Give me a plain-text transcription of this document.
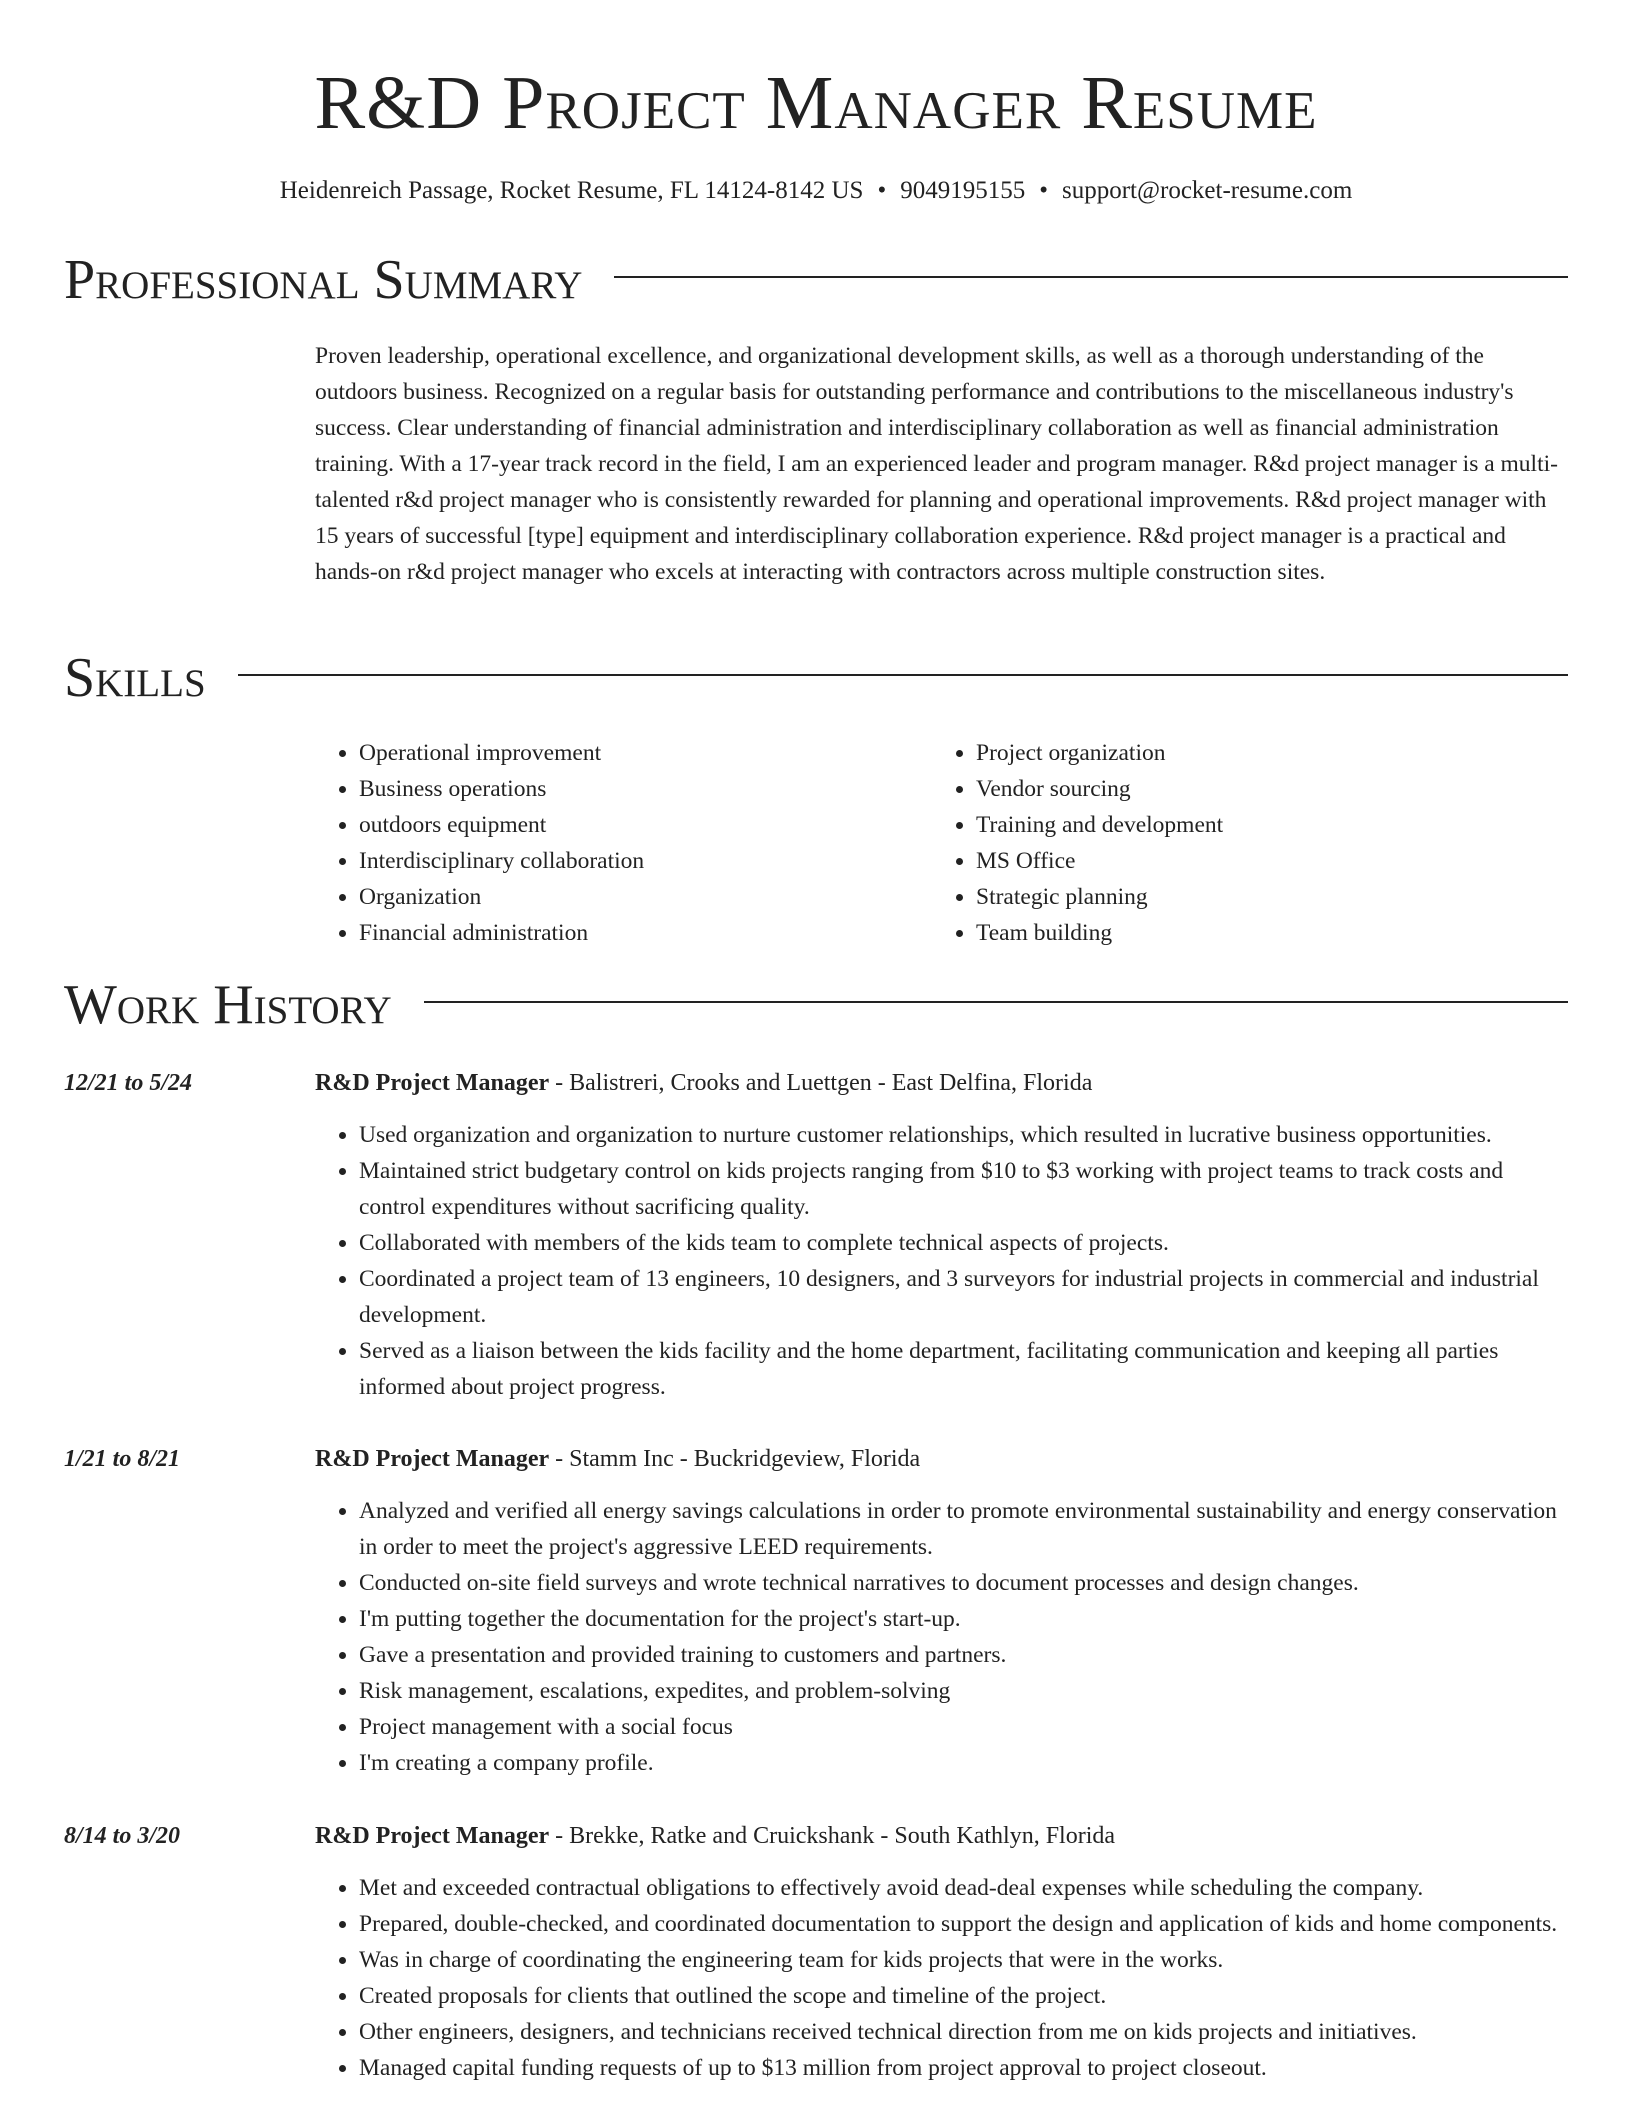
R&D Project Manager Resume
Heidenreich Passage, Rocket Resume, FL 14124-8142 US • 9049195155 • support@rocket-resume.com
Professional Summary

Proven leadership, operational excellence, and organizational development skills, as well as a thorough understanding of the outdoors business. Recognized on a regular basis for outstanding performance and contributions to the miscellaneous industry's success. Clear understanding of financial administration and interdisciplinary collaboration as well as financial administration training. With a 17-year track record in the field, I am an experienced leader and program manager. R&d project manager is a multi-talented r&d project manager who is consistently rewarded for planning and operational improvements. R&d project manager with 15 years of successful [type] equipment and interdisciplinary collaboration experience. R&d project manager is a practical and hands-on r&d project manager who excels at interacting with contractors across multiple construction sites.

Skills
• Operational improvement
• Business operations
• outdoors equipment
• Interdisciplinary collaboration
• Organization
• Financial administration
• Project organization
• Vendor sourcing
• Training and development
• MS Office
• Strategic planning
• Team building
Work History
12/21 to 5/24	R&D Project Manager - Balistreri, Crooks and Luettgen - East Delfina, Florida
• Used organization and organization to nurture customer relationships, which resulted in lucrative business opportunities.
• Maintained strict budgetary control on kids projects ranging from $10 to $3 working with project teams to track costs and control expenditures without sacrificing quality.
• Collaborated with members of the kids team to complete technical aspects of projects.
• Coordinated a project team of 13 engineers, 10 designers, and 3 surveyors for industrial projects in commercial and industrial development.
• Served as a liaison between the kids facility and the home department, facilitating communication and keeping all parties informed about project progress.
1/21 to 8/21	R&D Project Manager - Stamm Inc - Buckridgeview, Florida
• Analyzed and verified all energy savings calculations in order to promote environmental sustainability and energy conservation in order to meet the project's aggressive LEED requirements.
• Conducted on-site field surveys and wrote technical narratives to document processes and design changes.
• I'm putting together the documentation for the project's start-up.
• Gave a presentation and provided training to customers and partners.
• Risk management, escalations, expedites, and problem-solving
• Project management with a social focus
• I'm creating a company profile.
8/14 to 3/20	R&D Project Manager - Brekke, Ratke and Cruickshank - South Kathlyn, Florida
• Met and exceeded contractual obligations to effectively avoid dead-deal expenses while scheduling the company.
• Prepared, double-checked, and coordinated documentation to support the design and application of kids and home components.
• Was in charge of coordinating the engineering team for kids projects that were in the works.
• Created proposals for clients that outlined the scope and timeline of the project.
• Other engineers, designers, and technicians received technical direction from me on kids projects and initiatives.
• Managed capital funding requests of up to $13 million from project approval to project closeout.
